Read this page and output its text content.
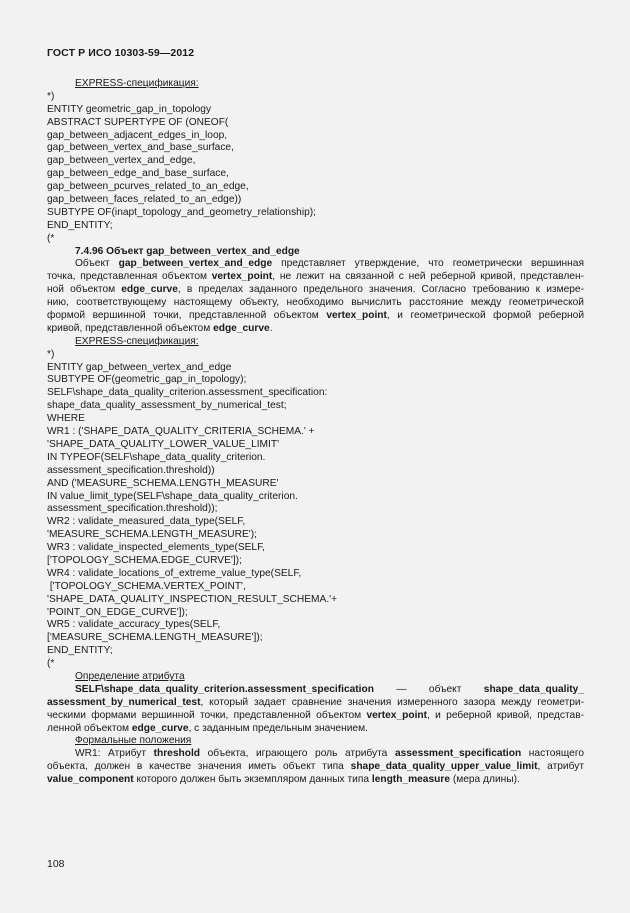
ГОСТ Р ИСО 10303-59—2012
EXPRESS-спецификация:
*)
ENTITY geometric_gap_in_topology
ABSTRACT SUPERTYPE OF (ONEOF(
gap_between_adjacent_edges_in_loop,
gap_between_vertex_and_base_surface,
gap_between_vertex_and_edge,
gap_between_edge_and_base_surface,
gap_between_pcurves_related_to_an_edge,
gap_between_faces_related_to_an_edge))
SUBTYPE OF(inapt_topology_and_geometry_relationship);
END_ENTITY;
(*
7.4.96 Объект gap_between_vertex_and_edge
Объект gap_between_vertex_and_edge представляет утверждение, что геометрически вершинная
точка, представленная объектом vertex_point, не лежит на связанной с ней реберной кривой, представлен-
ной объектом edge_curve, в пределах заданного предельного значения. Согласно требованию к измере-
нию, соответствующему настоящему объекту, необходимо вычислить расстояние между геометрической
формой вершинной точки, представленной объектом vertex_point, и геометрической формой реберной
кривой, представленной объектом edge_curve.
EXPRESS-спецификация:
*)
ENTITY gap_between_vertex_and_edge
SUBTYPE OF(geometric_gap_in_topology);
SELF\shape_data_quality_criterion.assessment_specification:
shape_data_quality_assessment_by_numerical_test;
WHERE
WR1 : ('SHAPE_DATA_QUALITY_CRITERIA_SCHEMA.' +
'SHAPE_DATA_QUALITY_LOWER_VALUE_LIMIT'
IN TYPEOF(SELF\shape_data_quality_criterion.
assessment_specification.threshold))
AND ('MEASURE_SCHEMA.LENGTH_MEASURE'
IN value_limit_type(SELF\shape_data_quality_criterion.
assessment_specification.threshold));
WR2 : validate_measured_data_type(SELF,
'MEASURE_SCHEMA.LENGTH_MEASURE');
WR3 : validate_inspected_elements_type(SELF,
['TOPOLOGY_SCHEMA.EDGE_CURVE']);
WR4 : validate_locations_of_extreme_value_type(SELF,
['TOPOLOGY_SCHEMA.VERTEX_POINT',
'SHAPE_DATA_QUALITY_INSPECTION_RESULT_SCHEMA.'+
'POINT_ON_EDGE_CURVE']);
WR5 : validate_accuracy_types(SELF,
['MEASURE_SCHEMA.LENGTH_MEASURE']);
END_ENTITY;
(*
Определение атрибута
SELF\shape_data_quality_criterion.assessment_specification — объект shape_data_quality_
assessment_by_numerical_test, который задает сравнение значения измеренного зазора между геометри-
ческими формами вершинной точки, представленной объектом vertex_point, и реберной кривой, представ-
ленной объектом edge_curve, с заданным предельным значением.
Формальные положения
WR1: Атрибут threshold объекта, играющего роль атрибута assessment_specification настоящего
объекта, должен в качестве значения иметь объект типа shape_data_quality_upper_value_limit, атрибут
value_component которого должен быть экземпляром данных типа length_measure (мера длины).
108
